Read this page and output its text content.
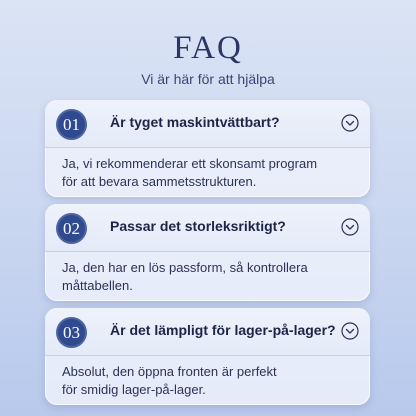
FAQ
Vi är här för att hjälpa
01	Är tyget maskintvättbart?
Ja, vi rekommenderar ett skonsamt program
för att bevara sammetsstrukturen.
02	Passar det storleksriktigt?
Ja, den har en lös passform, så kontrollera
måttabellen.
03	Är det lämpligt för lager-på-lager?
Absolut, den öppna fronten är perfekt
för smidig lager-på-lager.
